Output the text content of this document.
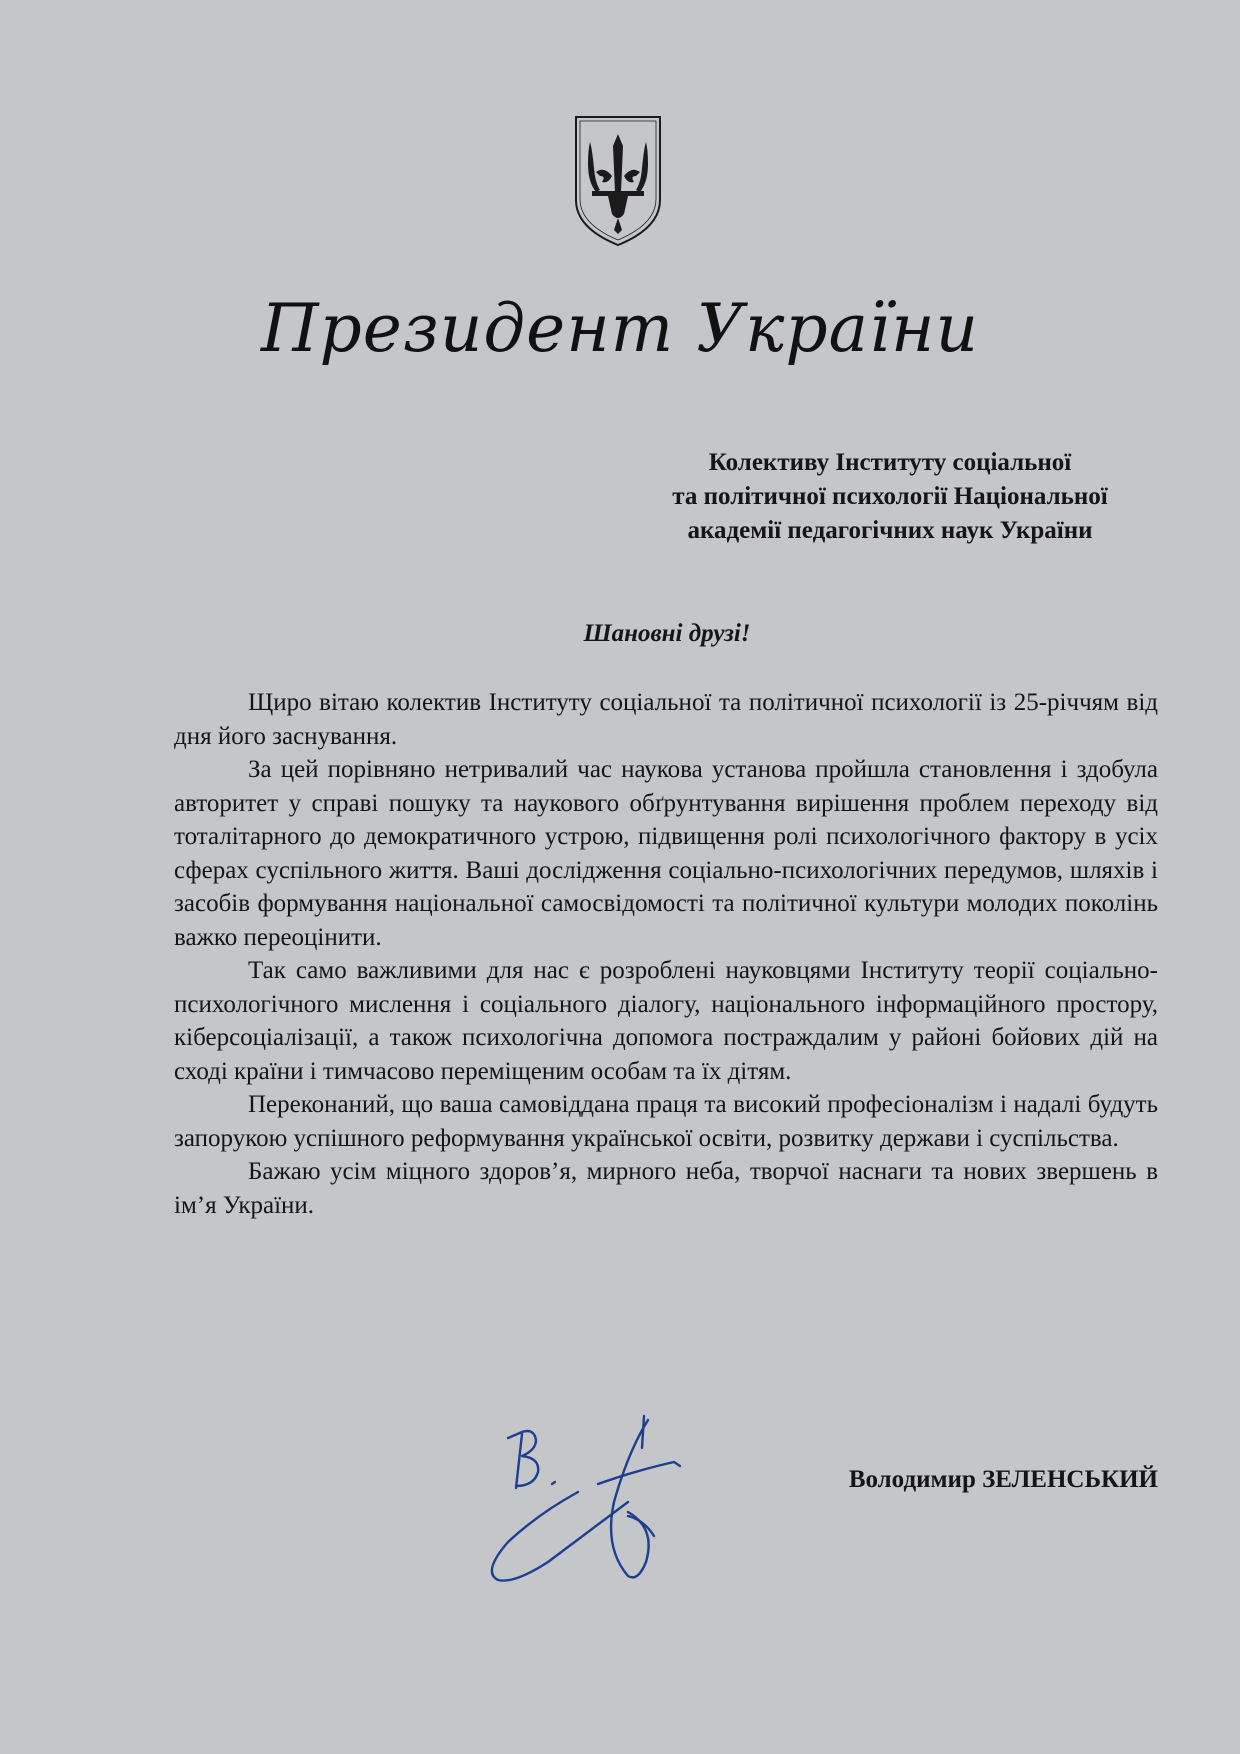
Президент України
Колективу Інституту соціальної
та політичної психології Національної
академії педагогічних наук України
Шановні друзі!

Щиро вітаю колектив Інституту соціальної та політичної психології із 25-річчям від дня його заснування.

За цей порівняно нетривалий час наукова установа пройшла становлення і здобула авторитет у справі пошуку та наукового обґрунтування вирішення проблем переходу від тоталітарного до демократичного устрою, підвищення ролі психологічного фактору в усіх сферах суспільного життя. Ваші дослідження соціально-психологічних передумов, шляхів і засобів формування національної самосвідомості та політичної культури молодих поколінь важко переоцінити.

Так само важливими для нас є розроблені науковцями Інституту теорії соціально-психологічного мислення і соціального діалогу, національного інформаційного простору, кіберсоціалізації, а також психологічна допомога постраждалим у районі бойових дій на сході країни і тимчасово переміщеним особам та їх дітям.

Переконаний, що ваша самовіддана праця та високий професіоналізм і надалі будуть запорукою успішного реформування української освіти, розвитку держави і суспільства.

Бажаю усім міцного здоров’я, мирного неба, творчої наснаги та нових звершень в ім’я України.

Володимир ЗЕЛЕНСЬКИЙ
